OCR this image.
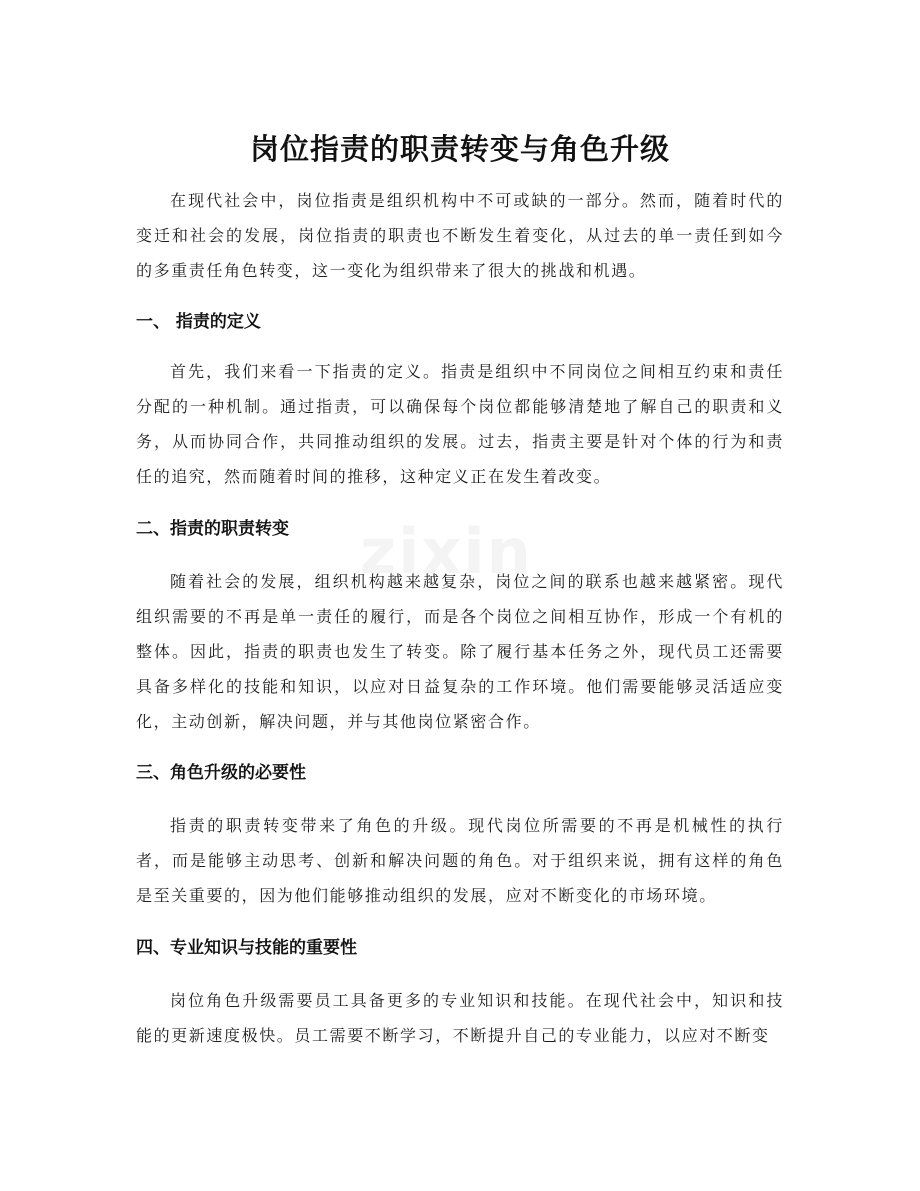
zixin
岗位指责的职责转变与角色升级

在现代社会中，岗位指责是组织机构中不可或缺的一部分。然而，随着时代的变迁和社会的发展，岗位指责的职责也不断发生着变化，从过去的单一责任到如今的多重责任角色转变，这一变化为组织带来了很大的挑战和机遇。

一、 指责的定义

首先，我们来看一下指责的定义。指责是组织中不同岗位之间相互约束和责任分配的一种机制。通过指责，可以确保每个岗位都能够清楚地了解自己的职责和义务，从而协同合作，共同推动组织的发展。过去，指责主要是针对个体的行为和责任的追究，然而随着时间的推移，这种定义正在发生着改变。

二、指责的职责转变

随着社会的发展，组织机构越来越复杂，岗位之间的联系也越来越紧密。现代组织需要的不再是单一责任的履行，而是各个岗位之间相互协作，形成一个有机的整体。因此，指责的职责也发生了转变。除了履行基本任务之外，现代员工还需要具备多样化的技能和知识，以应对日益复杂的工作环境。他们需要能够灵活适应变化，主动创新，解决问题，并与其他岗位紧密合作。

三、角色升级的必要性

指责的职责转变带来了角色的升级。现代岗位所需要的不再是机械性的执行者，而是能够主动思考、创新和解决问题的角色。对于组织来说，拥有这样的角色是至关重要的，因为他们能够推动组织的发展，应对不断变化的市场环境。

四、专业知识与技能的重要性

岗位角色升级需要员工具备更多的专业知识和技能。在现代社会中，知识和技能的更新速度极快。员工需要不断学习，不断提升自己的专业能力，以应对不断变
